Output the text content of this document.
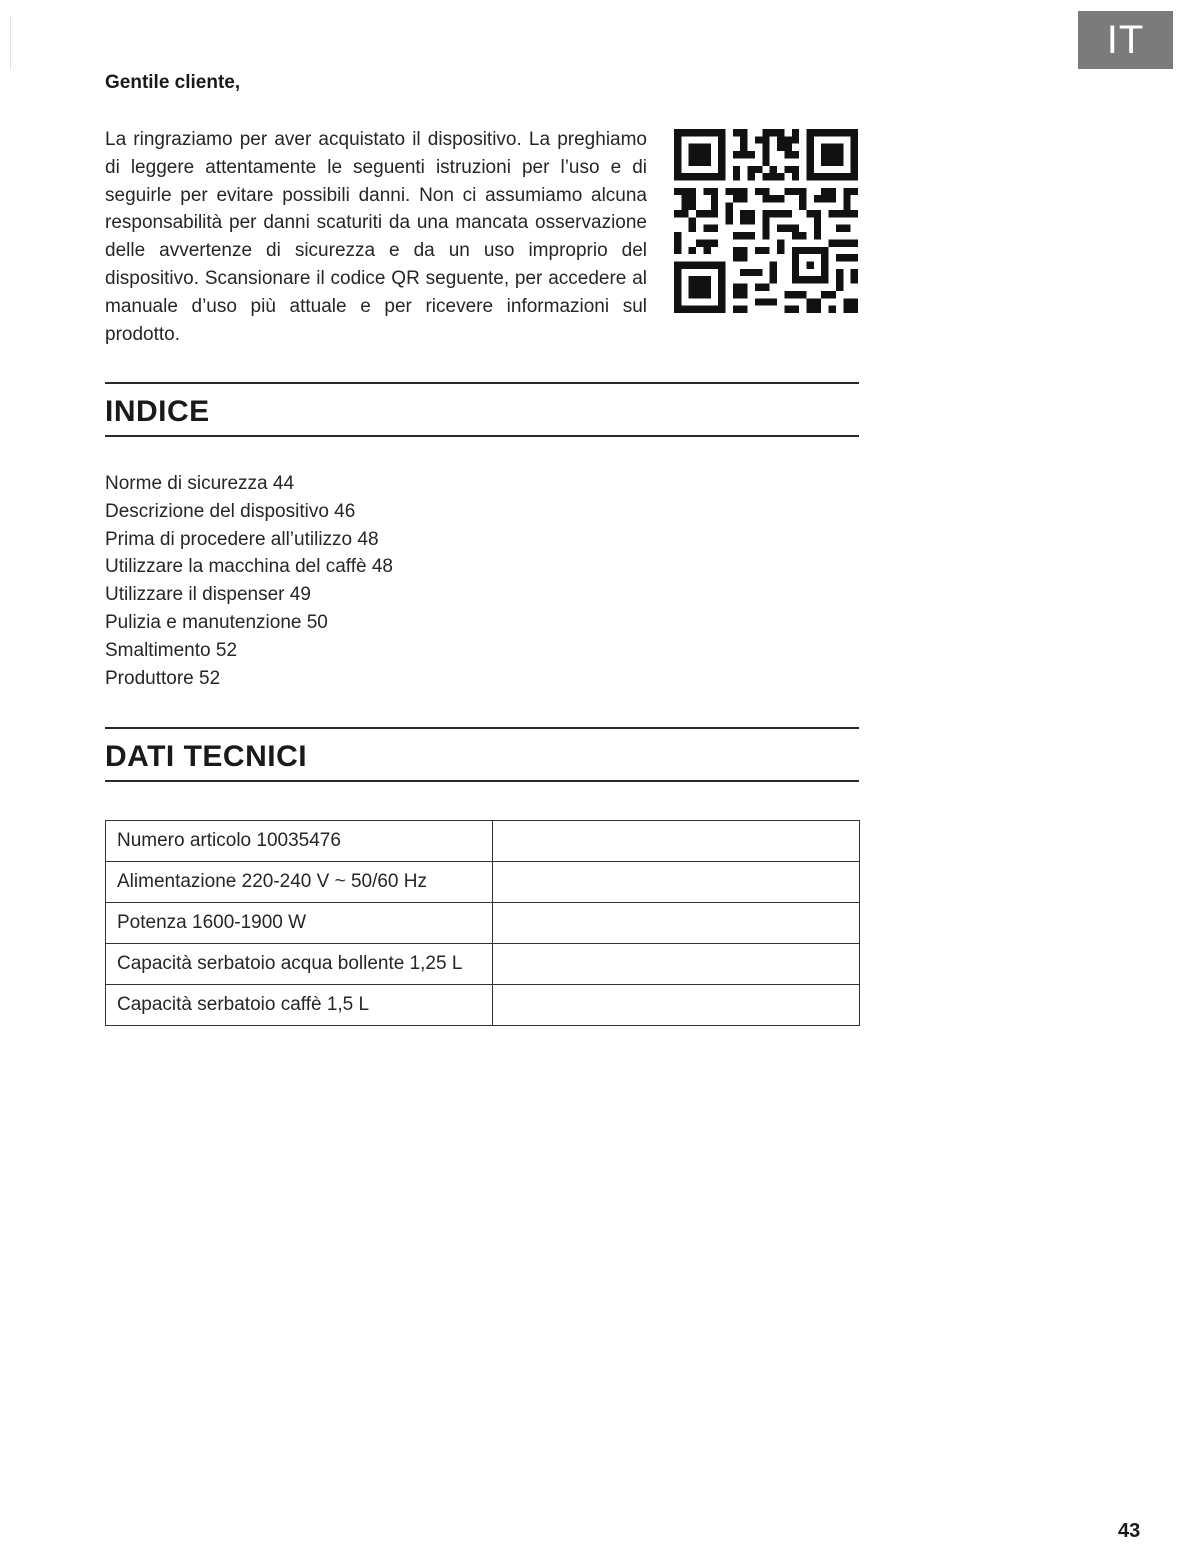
IT
Gentile cliente,

La ringraziamo per aver acquistato il dispositivo. La preghiamo di leggere attentamente le seguenti istruzioni per l’uso e di seguirle per evitare possibili danni. Non ci assumiamo alcuna responsabilità per danni scaturiti da una mancata osservazione delle avvertenze di sicurezza e da un uso improprio del dispositivo. Scansionare il codice QR seguente, per accedere al manuale d’uso più attuale e per ricevere informazioni sul prodotto.

INDICE
Norme di sicurezza 44
Descrizione del dispositivo 46
Prima di procedere all’utilizzo 48
Utilizzare la macchina del caffè 48
Utilizzare il dispenser 49
Pulizia e manutenzione 50
Smaltimento 52
Produttore 52
DATI TECNICI
Numero articolo 10035476	
Alimentazione 220-240 V ~ 50/60 Hz	
Potenza 1600-1900 W	
Capacità serbatoio acqua bollente 1,25 L	
Capacità serbatoio caffè 1,5 L	
43
